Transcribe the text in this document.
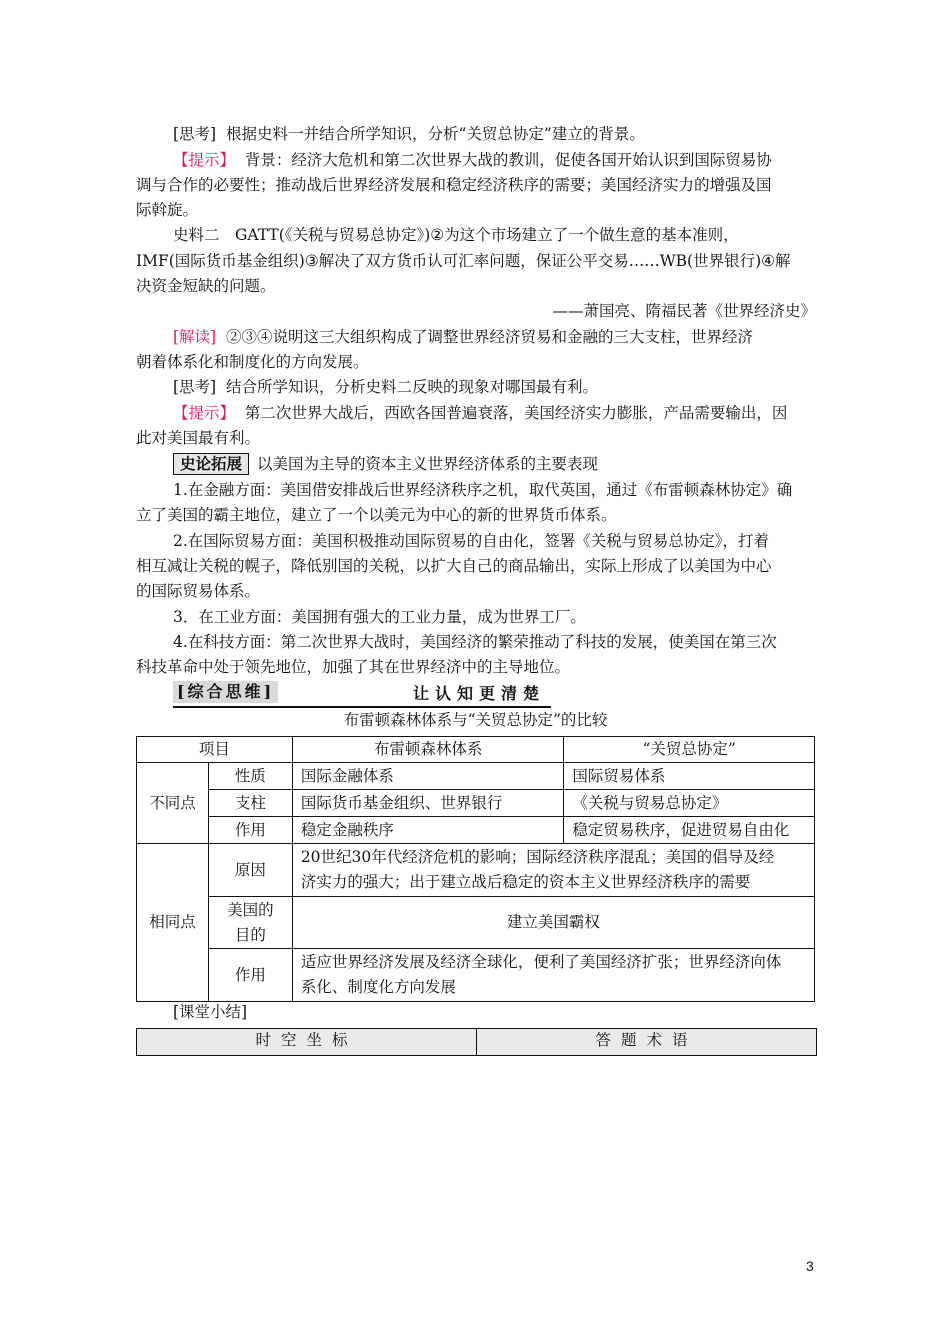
[思考] 根据史料一并结合所学知识，分析“关贸总协定”建立的背景。
【提示】 背景：经济大危机和第二次世界大战的教训，促使各国开始认识到国际贸易协
调与合作的必要性；推动战后世界经济发展和稳定经济秩序的需要；美国经济实力的增强及国
际斡旋。
史料二　GATT(《关税与贸易总协定》)②为这个市场建立了一个做生意的基本准则，
IMF(国际货币基金组织)③解决了双方货币认可汇率问题，保证公平交易……WB(世界银行)④解
决资金短缺的问题。
——萧国亮、隋福民著《世界经济史》
[解读] ②③④说明这三大组织构成了调整世界经济贸易和金融的三大支柱，世界经济
朝着体系化和制度化的方向发展。
[思考] 结合所学知识，分析史料二反映的现象对哪国最有利。
【提示】 第二次世界大战后，西欧各国普遍衰落，美国经济实力膨胀，产品需要输出，因
此对美国最有利。
史论拓展 以美国为主导的资本主义世界经济体系的主要表现
1.在金融方面：美国借安排战后世界经济秩序之机，取代英国，通过《布雷顿森林协定》确
立了美国的霸主地位，建立了一个以美元为中心的新的世界货币体系。
2.在国际贸易方面：美国积极推动国际贸易的自由化，签署《关税与贸易总协定》，打着
相互减让关税的幌子，降低别国的关税，以扩大自己的商品输出，实际上形成了以美国为中心
的国际贸易体系。
3．在工业方面：美国拥有强大的工业力量，成为世界工厂。
4.在科技方面：第二次世界大战时，美国经济的繁荣推动了科技的发展，使美国在第三次
科技革命中处于领先地位，加强了其在世界经济中的主导地位。
[综合思维]	让认知更清楚
布雷顿森林体系与“关贸总协定”的比较
项目		布雷顿森林体系	“关贸总协定”
不同点	性质	国际金融体系	国际贸易体系
	支柱	国际货币基金组织、世界银行	《关税与贸易总协定》
	作用	稳定金融秩序	稳定贸易秩序，促进贸易自由化
相同点	原因	20世纪30年代经济危机的影响；国际经济秩序混乱；美国的倡导及经
济实力的强大；出于建立战后稳定的资本主义世界经济秩序的需要	
	美国的
目的	建立美国霸权	
	作用	适应世界经济发展及经济全球化，便利了美国经济扩张；世界经济向体
系化、制度化方向发展	
[课堂小结]
时空坐标	答题术语
3
